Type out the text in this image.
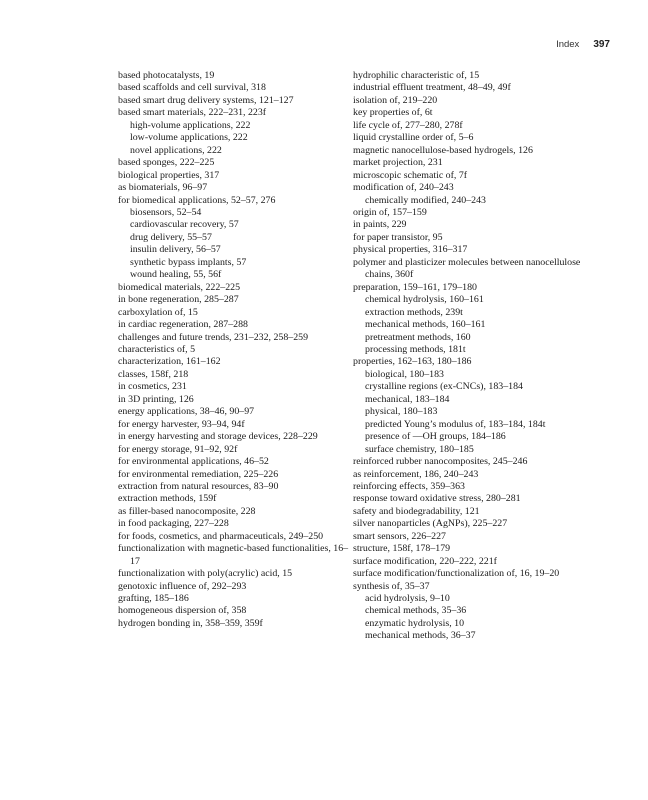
Index 397

based photocatalysts, 19

based scaffolds and cell survival, 318

based smart drug delivery systems, 121–127

based smart materials, 222–231, 223f

high-volume applications, 222

low-volume applications, 222

novel applications, 222

based sponges, 222–225

biological properties, 317

as biomaterials, 96–97

for biomedical applications, 52–57, 276

biosensors, 52–54

cardiovascular recovery, 57

drug delivery, 55–57

insulin delivery, 56–57

synthetic bypass implants, 57

wound healing, 55, 56f

biomedical materials, 222–225

in bone regeneration, 285–287

carboxylation of, 15

in cardiac regeneration, 287–288

challenges and future trends, 231–232, 258–259

characteristics of, 5

characterization, 161–162

classes, 158f, 218

in cosmetics, 231

in 3D printing, 126

energy applications, 38–46, 90–97

for energy harvester, 93–94, 94f

in energy harvesting and storage devices, 228–229

for energy storage, 91–92, 92f

for environmental applications, 46–52

for environmental remediation, 225–226

extraction from natural resources, 83–90

extraction methods, 159f

as filler-based nanocomposite, 228

in food packaging, 227–228

for foods, cosmetics, and pharmaceuticals, 249–250

functionalization with magnetic-based functionalities, 16–17

functionalization with poly(acrylic) acid, 15

genotoxic influence of, 292–293

grafting, 185–186

homogeneous dispersion of, 358

hydrogen bonding in, 358–359, 359f

hydrophilic characteristic of, 15

industrial effluent treatment, 48–49, 49f

isolation of, 219–220

key properties of, 6t

life cycle of, 277–280, 278f

liquid crystalline order of, 5–6

magnetic nanocellulose-based hydrogels, 126

market projection, 231

microscopic schematic of, 7f

modification of, 240–243

chemically modified, 240–243

origin of, 157–159

in paints, 229

for paper transistor, 95

physical properties, 316–317

polymer and plasticizer molecules between nanocellulose chains, 360f

preparation, 159–161, 179–180

chemical hydrolysis, 160–161

extraction methods, 239t

mechanical methods, 160–161

pretreatment methods, 160

processing methods, 181t

properties, 162–163, 180–186

biological, 180–183

crystalline regions (ex-CNCs), 183–184

mechanical, 183–184

physical, 180–183

predicted Young’s modulus of, 183–184, 184t

presence of —OH groups, 184–186

surface chemistry, 180–185

reinforced rubber nanocomposites, 245–246

as reinforcement, 186, 240–243

reinforcing effects, 359–363

response toward oxidative stress, 280–281

safety and biodegradability, 121

silver nanoparticles (AgNPs), 225–227

smart sensors, 226–227

structure, 158f, 178–179

surface modification, 220–222, 221f

surface modification/functionalization of, 16, 19–20

synthesis of, 35–37

acid hydrolysis, 9–10

chemical methods, 35–36

enzymatic hydrolysis, 10

mechanical methods, 36–37
